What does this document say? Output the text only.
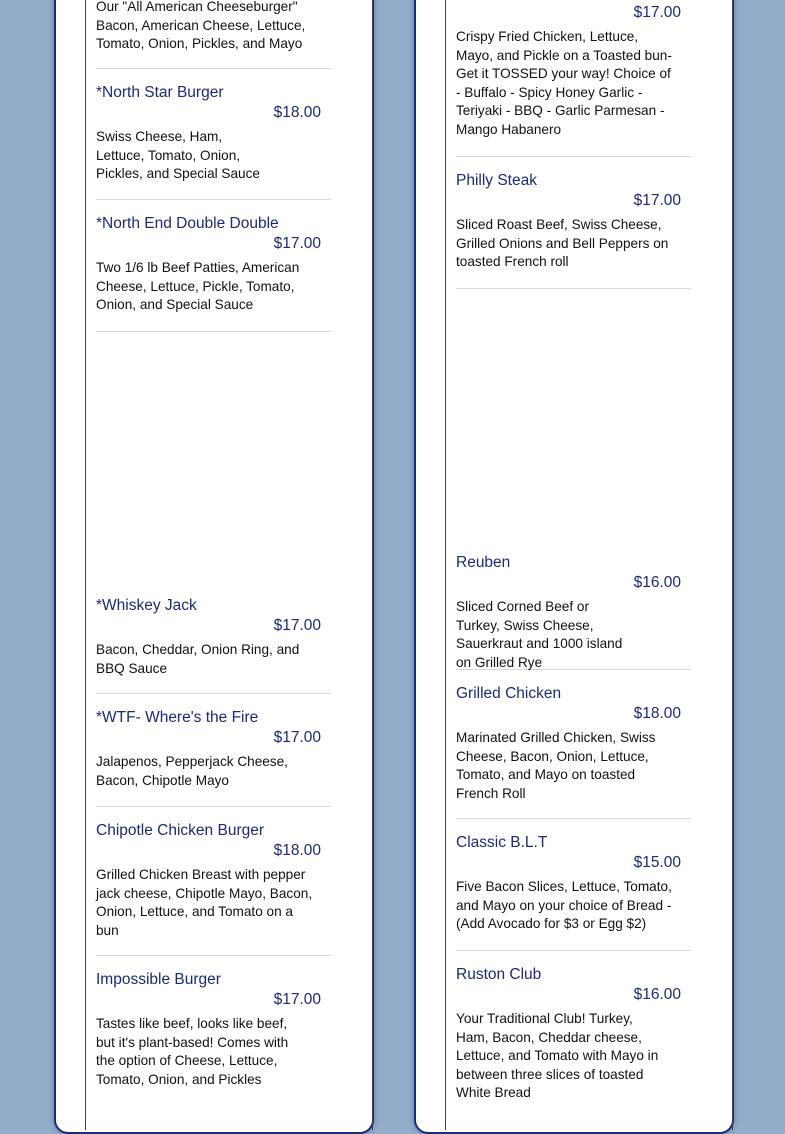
Our "All American Cheeseburger" Bacon, American Cheese, Lettuce, Tomato, Onion, Pickles, and Mayo
*North Star Burger
$18.00
Swiss Cheese, Ham, Lettuce, Tomato, Onion, Pickles, and Special Sauce
*North End Double Double
$17.00
Two 1/6 lb Beef Patties, American Cheese, Lettuce, Pickle, Tomato, Onion, and Special Sauce
*Whiskey Jack
$17.00
Bacon, Cheddar, Onion Ring, and BBQ Sauce
*WTF- Where's the Fire
$17.00
Jalapenos, Pepperjack Cheese, Bacon, Chipotle Mayo
Chipotle Chicken Burger
$18.00
Grilled Chicken Breast with pepper jack cheese, Chipotle Mayo, Bacon, Onion, Lettuce, and Tomato on a bun
Impossible Burger
$17.00
Tastes like beef, looks like beef, but it's plant-based! Comes with the option of Cheese, Lettuce, Tomato, Onion, and Pickles
$17.00
Crispy Fried Chicken, Lettuce, Mayo, and Pickle on a Toasted bun- Get it TOSSED your way! Choice of - Buffalo - Spicy Honey Garlic - Teriyaki - BBQ - Garlic Parmesan - Mango Habanero
Philly Steak
$17.00
Sliced Roast Beef, Swiss Cheese, Grilled Onions and Bell Peppers on toasted French roll
Reuben
$16.00
Sliced Corned Beef or Turkey, Swiss Cheese, Sauerkraut and 1000 island on Grilled Rye
Grilled Chicken
$18.00
Marinated Grilled Chicken, Swiss Cheese, Bacon, Onion, Lettuce, Tomato, and Mayo on toasted French Roll
Classic B.L.T
$15.00
Five Bacon Slices, Lettuce, Tomato, and Mayo on your choice of Bread - (Add Avocado for $3 or Egg $2)
Ruston Club
$16.00
Your Traditional Club! Turkey, Ham, Bacon, Cheddar cheese, Lettuce, and Tomato with Mayo in between three slices of toasted White Bread
